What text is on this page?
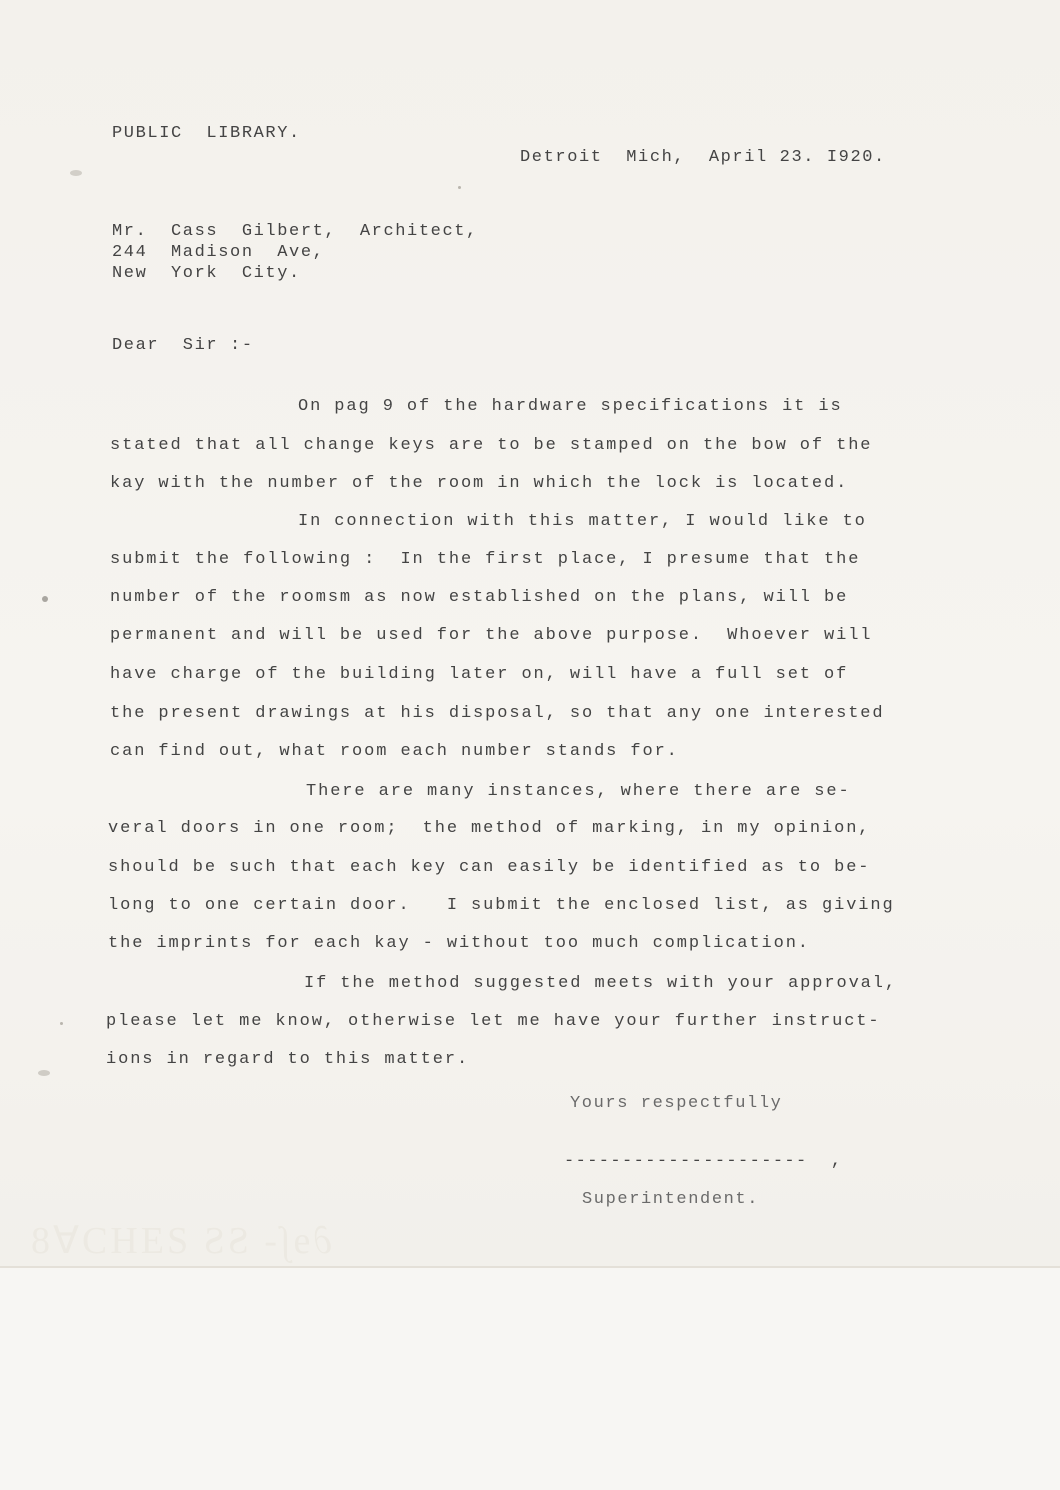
∂ɘ∫- SS ƧƎHƆ∀8
PUBLIC  LIBRARY.
Detroit  Mich,  April 23. I920.
Mr.  Cass  Gilbert,  Architect,
244  Madison  Ave,
New  York  City.
Dear  Sir :-
On pag 9 of the hardware specifications it is
stated that all change keys are to be stamped on the bow of the
kay with the number of the room in which the lock is located.
In connection with this matter, I would like to
submit the following :  In the first place, I presume that the
number of the roomsm as now established on the plans, will be
permanent and will be used for the above purpose.  Whoever will
have charge of the building later on, will have a full set of
the present drawings at his disposal, so that any one interested
can find out, what room each number stands for.
There are many instances, where there are se-
veral doors in one room;  the method of marking, in my opinion,
should be such that each key can easily be identified as to be-
long to one certain door.   I submit the enclosed list, as giving
the imprints for each kay - without too much complication.
If the method suggested meets with your approval,
please let me know, otherwise let me have your further instruct-
ions in regard to this matter.
Yours respectfully
---------------------  ,
Superintendent.
